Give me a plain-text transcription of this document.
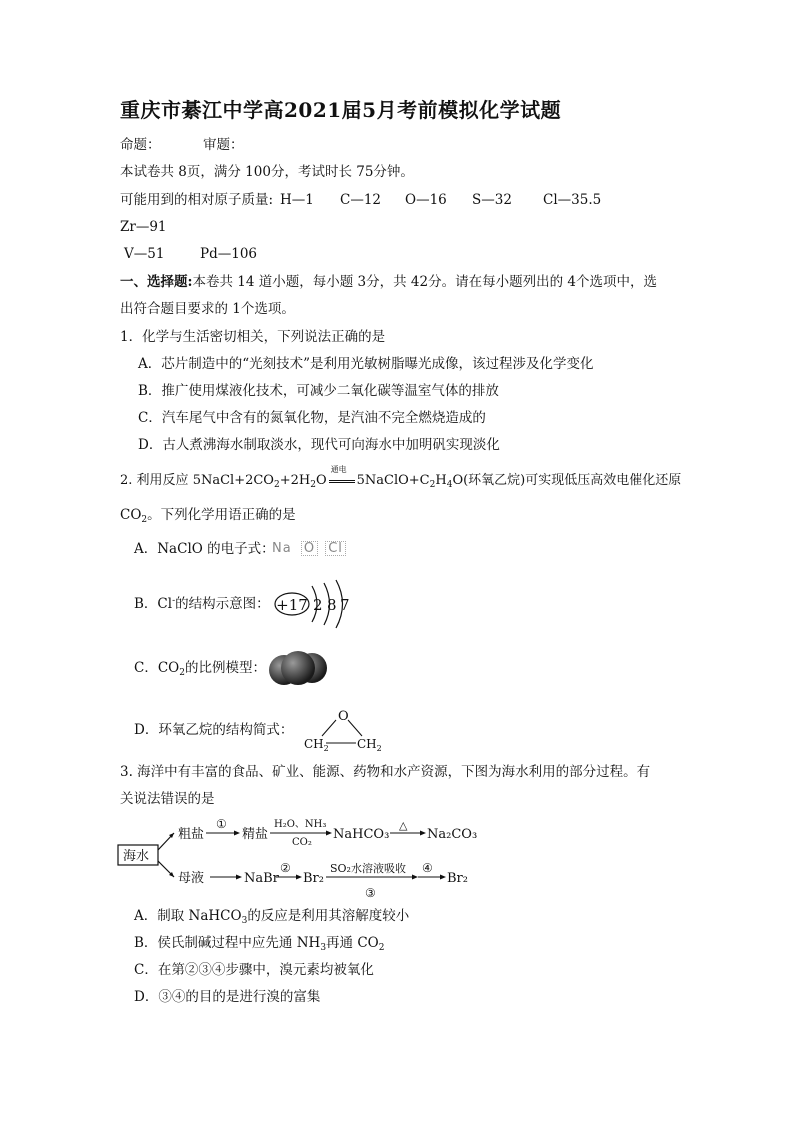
重庆市綦江中学高2021届5月考前模拟化学试题
命题：	审题：
本试卷共 8页，满分 100分，考试时长 75分钟。
可能用到的相对原子质量: H—1 C—12 O—16 S—32 Cl—35.5
Zr—91
V—51	Pd—106
一、选择题:本卷共 14 道小题，每小题 3分，共 42分。请在每小题列出的 4个选项中，选
出符合题目要求的 1个选项。
1．化学与生活密切相关，下列说法正确的是
A．芯片制造中的“光刻技术”是利用光敏树脂曝光成像，该过程涉及化学变化
B．推广使用煤液化技术，可减少二氧化碳等温室气体的排放
C．汽车尾气中含有的氮氧化物，是汽油不完全燃烧造成的
D．古人煮沸海水制取淡水，现代可向海水中加明矾实现淡化
2. 利用反应 $5NaCl+2CO_2+2H_2O$
通电
$5NaClO+C_2H_4O$(环氧乙烷)可实现低压高效电催化还原
$CO_2$。下列化学用语正确的是
A．NaClO 的电子式：
Na O Cl
B．Cl-的结构示意图： +17 2 8 7
C．$CO_2$的比例模型：
D．环氧乙烷的结构简式：
O
$CH_2$ $CH_2$
3. 海洋中有丰富的食品、矿业、能源、药物和水产资源，下图为海水利用的部分过程。有
关说法错误的是
海水
粗盐
①
精盐
H₂O、NH₃
CO₂
NaHCO₃
△
Na₂CO₃
母液	NaBr
②
Br₂
SO₂水溶液吸收
③
④
Br₂
A．制取 NaHCO$_3$的反应是利用其溶解度较小
B．侯氏制碱过程中应先通 $NH_3$再通 $CO_2$
C．在第②③④步骤中，溴元素均被氧化
D．③④的目的是进行溴的富集
